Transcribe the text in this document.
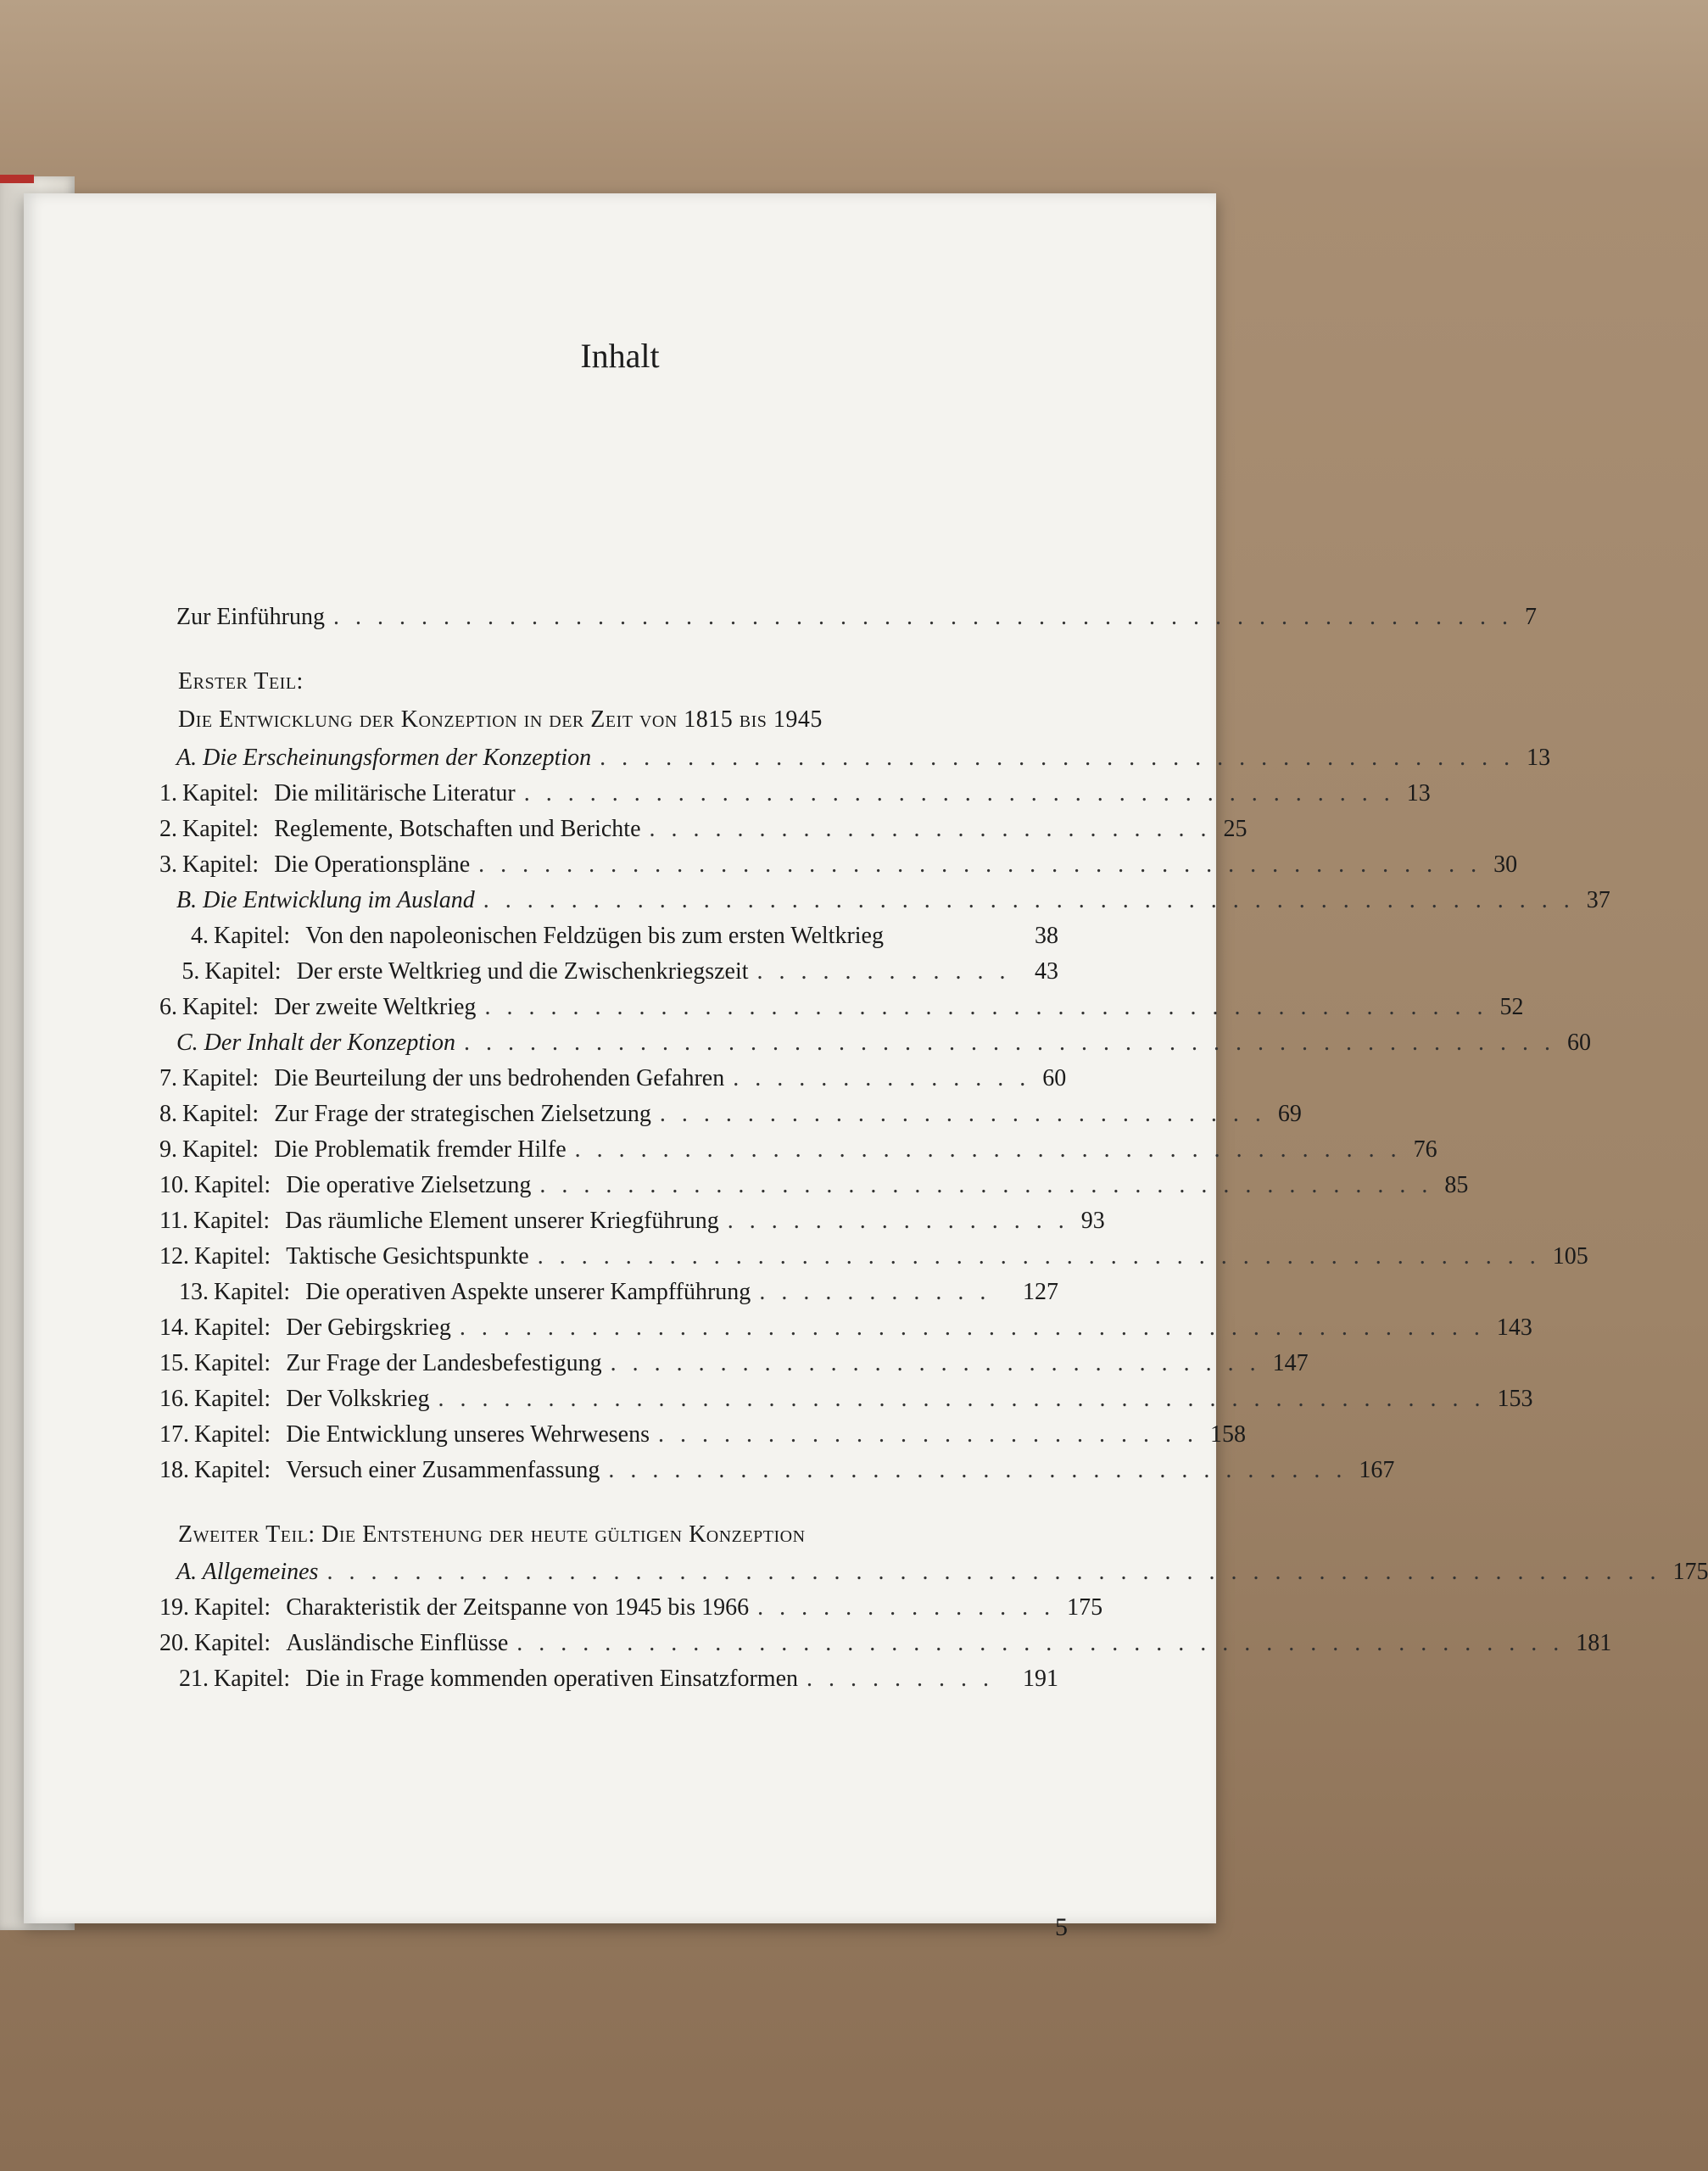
Inhalt
Zur Einführung . . . . . . . . . . . . . . . . . . . . . . . . . . . . . . . . . . . . . . . . . . . . . . . . . . . . . . 7
Erster Teil:
Die Entwicklung der Konzeption in der Zeit von 1815 bis 1945
A. Die Erscheinungsformen der Konzeption . . . . . . . . . . . . . . . . . . . . . . . . . . . . . . . . . . . . . . . . . . 13
1. Kapitel: Die militärische Literatur . . . . . . . . . . . . . . . . . . . . . . . . . . . . . . . . . . . . . . . . 13
2. Kapitel: Reglemente, Botschaften und Berichte . . . . . . . . . . . . . . . . . . . . . . . . . . 25
3. Kapitel: Die Operationspläne . . . . . . . . . . . . . . . . . . . . . . . . . . . . . . . . . . . . . . . . . . . . . . 30
B. Die Entwicklung im Ausland . . . . . . . . . . . . . . . . . . . . . . . . . . . . . . . . . . . . . . . . . . . . . . . . . . 37
4. Kapitel: Von den napoleonischen Feldzügen bis zum ersten Weltkrieg	38
5. Kapitel: Der erste Weltkrieg und die Zwischenkriegszeit . . . . . . . . . . . .	43
6. Kapitel: Der zweite Weltkrieg . . . . . . . . . . . . . . . . . . . . . . . . . . . . . . . . . . . . . . . . . . . . . . 52
C. Der Inhalt der Konzeption . . . . . . . . . . . . . . . . . . . . . . . . . . . . . . . . . . . . . . . . . . . . . . . . . . 60
7. Kapitel: Die Beurteilung der uns bedrohenden Gefahren . . . . . . . . . . . . . . 60
8. Kapitel: Zur Frage der strategischen Zielsetzung . . . . . . . . . . . . . . . . . . . . . . . . . . . . 69
9. Kapitel: Die Problematik fremder Hilfe . . . . . . . . . . . . . . . . . . . . . . . . . . . . . . . . . . . . . . 76
10. Kapitel: Die operative Zielsetzung . . . . . . . . . . . . . . . . . . . . . . . . . . . . . . . . . . . . . . . . . 85
11. Kapitel: Das räumliche Element unserer Kriegführung . . . . . . . . . . . . . . . . 93
12. Kapitel: Taktische Gesichtspunkte . . . . . . . . . . . . . . . . . . . . . . . . . . . . . . . . . . . . . . . . . . . . . . 105
13. Kapitel: Die operativen Aspekte unserer Kampfführung . . . . . . . . . . .	127
14. Kapitel: Der Gebirgskrieg . . . . . . . . . . . . . . . . . . . . . . . . . . . . . . . . . . . . . . . . . . . . . . . 143
15. Kapitel: Zur Frage der Landesbefestigung . . . . . . . . . . . . . . . . . . . . . . . . . . . . . . 147
16. Kapitel: Der Volkskrieg . . . . . . . . . . . . . . . . . . . . . . . . . . . . . . . . . . . . . . . . . . . . . . . . 153
17. Kapitel: Die Entwicklung unseres Wehrwesens . . . . . . . . . . . . . . . . . . . . . . . . . 158
18. Kapitel: Versuch einer Zusammenfassung . . . . . . . . . . . . . . . . . . . . . . . . . . . . . . . . . . 167
Zweiter Teil: Die Entstehung der heute gültigen Konzeption
A. Allgemeines . . . . . . . . . . . . . . . . . . . . . . . . . . . . . . . . . . . . . . . . . . . . . . . . . . . . . . . . . . . . . 175
19. Kapitel: Charakteristik der Zeitspanne von 1945 bis 1966 . . . . . . . . . . . . . . 175
20. Kapitel: Ausländische Einflüsse . . . . . . . . . . . . . . . . . . . . . . . . . . . . . . . . . . . . . . . . . . . . . . . . 181
21. Kapitel: Die in Frage kommenden operativen Einsatzformen . . . . . . . . .	191
5
